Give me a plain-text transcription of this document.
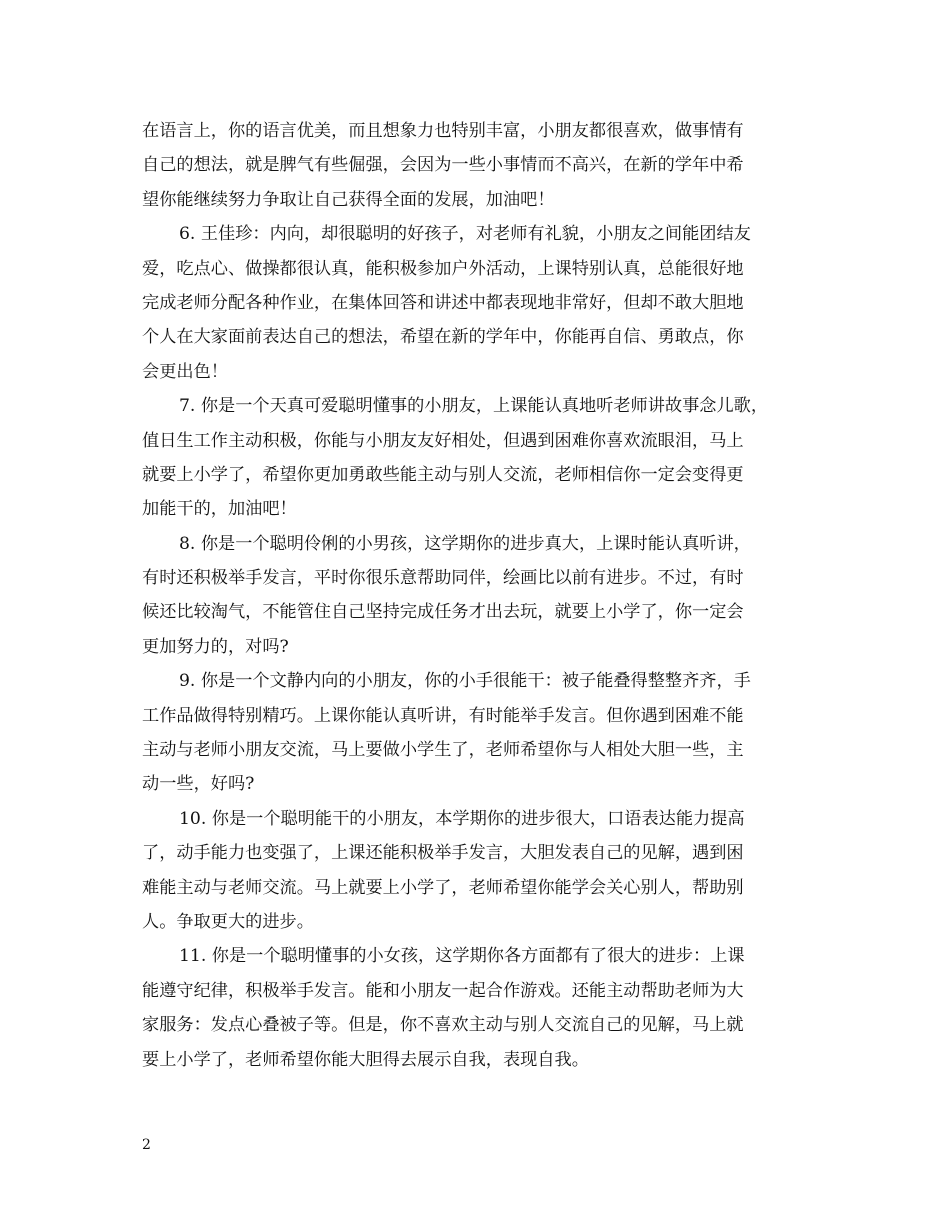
在语言上，你的语言优美，而且想象力也特别丰富，小朋友都很喜欢，做事情有
自己的想法，就是脾气有些倔强，会因为一些小事情而不高兴，在新的学年中希
望你能继续努力争取让自己获得全面的发展，加油吧！
6. 王佳珍：内向，却很聪明的好孩子，对老师有礼貌，小朋友之间能团结友
爱，吃点心、做操都很认真，能积极参加户外活动，上课特别认真，总能很好地
完成老师分配各种作业，在集体回答和讲述中都表现地非常好，但却不敢大胆地
个人在大家面前表达自己的想法，希望在新的学年中，你能再自信、勇敢点，你
会更出色！
7. 你是一个天真可爱聪明懂事的小朋友，上课能认真地听老师讲故事念儿歌，
值日生工作主动积极，你能与小朋友友好相处，但遇到困难你喜欢流眼泪，马上
就要上小学了，希望你更加勇敢些能主动与别人交流，老师相信你一定会变得更
加能干的，加油吧！
8. 你是一个聪明伶俐的小男孩，这学期你的进步真大，上课时能认真听讲，
有时还积极举手发言，平时你很乐意帮助同伴，绘画比以前有进步。不过，有时
候还比较淘气，不能管住自己坚持完成任务才出去玩，就要上小学了，你一定会
更加努力的，对吗?
9. 你是一个文静内向的小朋友，你的小手很能干：被子能叠得整整齐齐，手
工作品做得特别精巧。上课你能认真听讲，有时能举手发言。但你遇到困难不能
主动与老师小朋友交流，马上要做小学生了，老师希望你与人相处大胆一些，主
动一些，好吗?
10. 你是一个聪明能干的小朋友，本学期你的进步很大，口语表达能力提高
了，动手能力也变强了，上课还能积极举手发言，大胆发表自己的见解，遇到困
难能主动与老师交流。马上就要上小学了，老师希望你能学会关心别人，帮助别
人。争取更大的进步。
11. 你是一个聪明懂事的小女孩，这学期你各方面都有了很大的进步：上课
能遵守纪律，积极举手发言。能和小朋友一起合作游戏。还能主动帮助老师为大
家服务：发点心叠被子等。但是，你不喜欢主动与别人交流自己的见解，马上就
要上小学了，老师希望你能大胆得去展示自我，表现自我。
2
